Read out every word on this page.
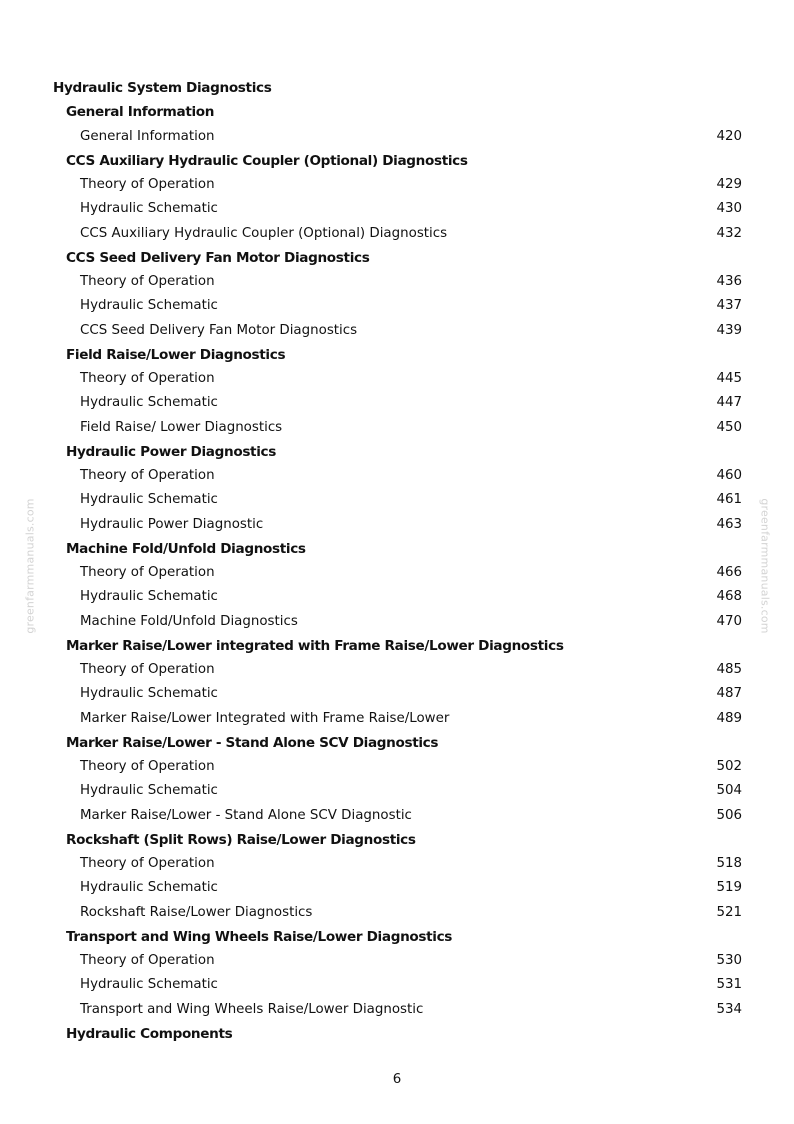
Hydraulic System Diagnostics
General Information
General Information	420
CCS Auxiliary Hydraulic Coupler (Optional) Diagnostics
Theory of Operation	429
Hydraulic Schematic	430
CCS Auxiliary Hydraulic Coupler (Optional) Diagnostics	432
CCS Seed Delivery Fan Motor Diagnostics
Theory of Operation	436
Hydraulic Schematic	437
CCS Seed Delivery Fan Motor Diagnostics	439
Field Raise/Lower Diagnostics
Theory of Operation	445
Hydraulic Schematic	447
Field Raise/ Lower Diagnostics	450
Hydraulic Power Diagnostics
Theory of Operation	460
Hydraulic Schematic	461
Hydraulic Power Diagnostic	463
Machine Fold/Unfold Diagnostics
Theory of Operation	466
Hydraulic Schematic	468
Machine Fold/Unfold Diagnostics	470
Marker Raise/Lower integrated with Frame Raise/Lower Diagnostics
Theory of Operation	485
Hydraulic Schematic	487
Marker Raise/Lower Integrated with Frame Raise/Lower	489
Marker Raise/Lower - Stand Alone SCV Diagnostics
Theory of Operation	502
Hydraulic Schematic	504
Marker Raise/Lower - Stand Alone SCV Diagnostic	506
Rockshaft (Split Rows) Raise/Lower Diagnostics
Theory of Operation	518
Hydraulic Schematic	519
Rockshaft Raise/Lower Diagnostics	521
Transport and Wing Wheels Raise/Lower Diagnostics
Theory of Operation	530
Hydraulic Schematic	531
Transport and Wing Wheels Raise/Lower Diagnostic	534
Hydraulic Components
6
greenfarmmanuals.com	greenfarmmanuals.com
